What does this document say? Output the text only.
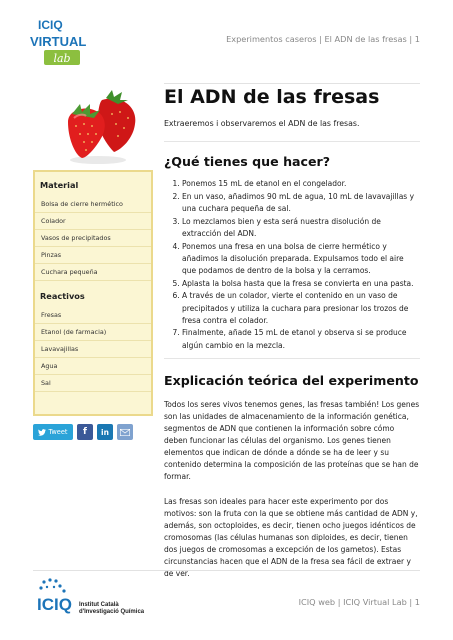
ICIQ
VIRTUAL
lab
Experimentos caseros | El ADN de las fresas | 1
El ADN de las fresas

Extraeremos i observaremos el ADN de las fresas.

¿Qué tienes que hacer?
1. Ponemos 15 mL de etanol en el congelador.
2. En un vaso, añadimos 90 mL de agua, 10 mL de lavavajillas y una cuchara pequeña de sal.
3. Lo mezclamos bien y esta será nuestra disolución de extracción del ADN.
4. Ponemos una fresa en una bolsa de cierre hermético y añadimos la disolución preparada. Expulsamos todo el aire que podamos de dentro de la bolsa y la cerramos.
5. Aplasta la bolsa hasta que la fresa se convierta en una pasta.
6. A través de un colador, vierte el contenido en un vaso de precipitados y utiliza la cuchara para presionar los trozos de fresa contra el colador.
7. Finalmente, añade 15 mL de etanol y observa si se produce algún cambio en la mezcla.
Explicación teórica del experimento

Todos los seres vivos tenemos genes, las fresas también! Los genes son las unidades de almacenamiento de la información genética, segmentos de ADN que contienen la información sobre cómo deben funcionar las células del organismo. Los genes tienen elementos que indican de dónde a dónde se ha de leer y su contenido determina la composición de las proteínas que se han de formar.

Las fresas son ideales para hacer este experimento por dos motivos: son la fruta con la que se obtiene más cantidad de ADN y, además, son octoploides, es decir, tienen ocho juegos idénticos de cromosomas (las células humanas son diploides, es decir, tienen dos juegos de cromosomas a excepción de los gametos). Estas circunstancias hacen que el ADN de la fresa sea fácil de extraer y de ver.

Material
Bolsa de cierre hermético
Colador
Vasos de precipitados
Pinzas
Cuchara pequeña
Reactivos
Fresas
Etanol (de farmacia)
Lavavajillas
Agua
Sal
Tweet f in
ICIQ Institut Català
d'Investigació Química
ICIQ web | ICIQ Virtual Lab | 1
